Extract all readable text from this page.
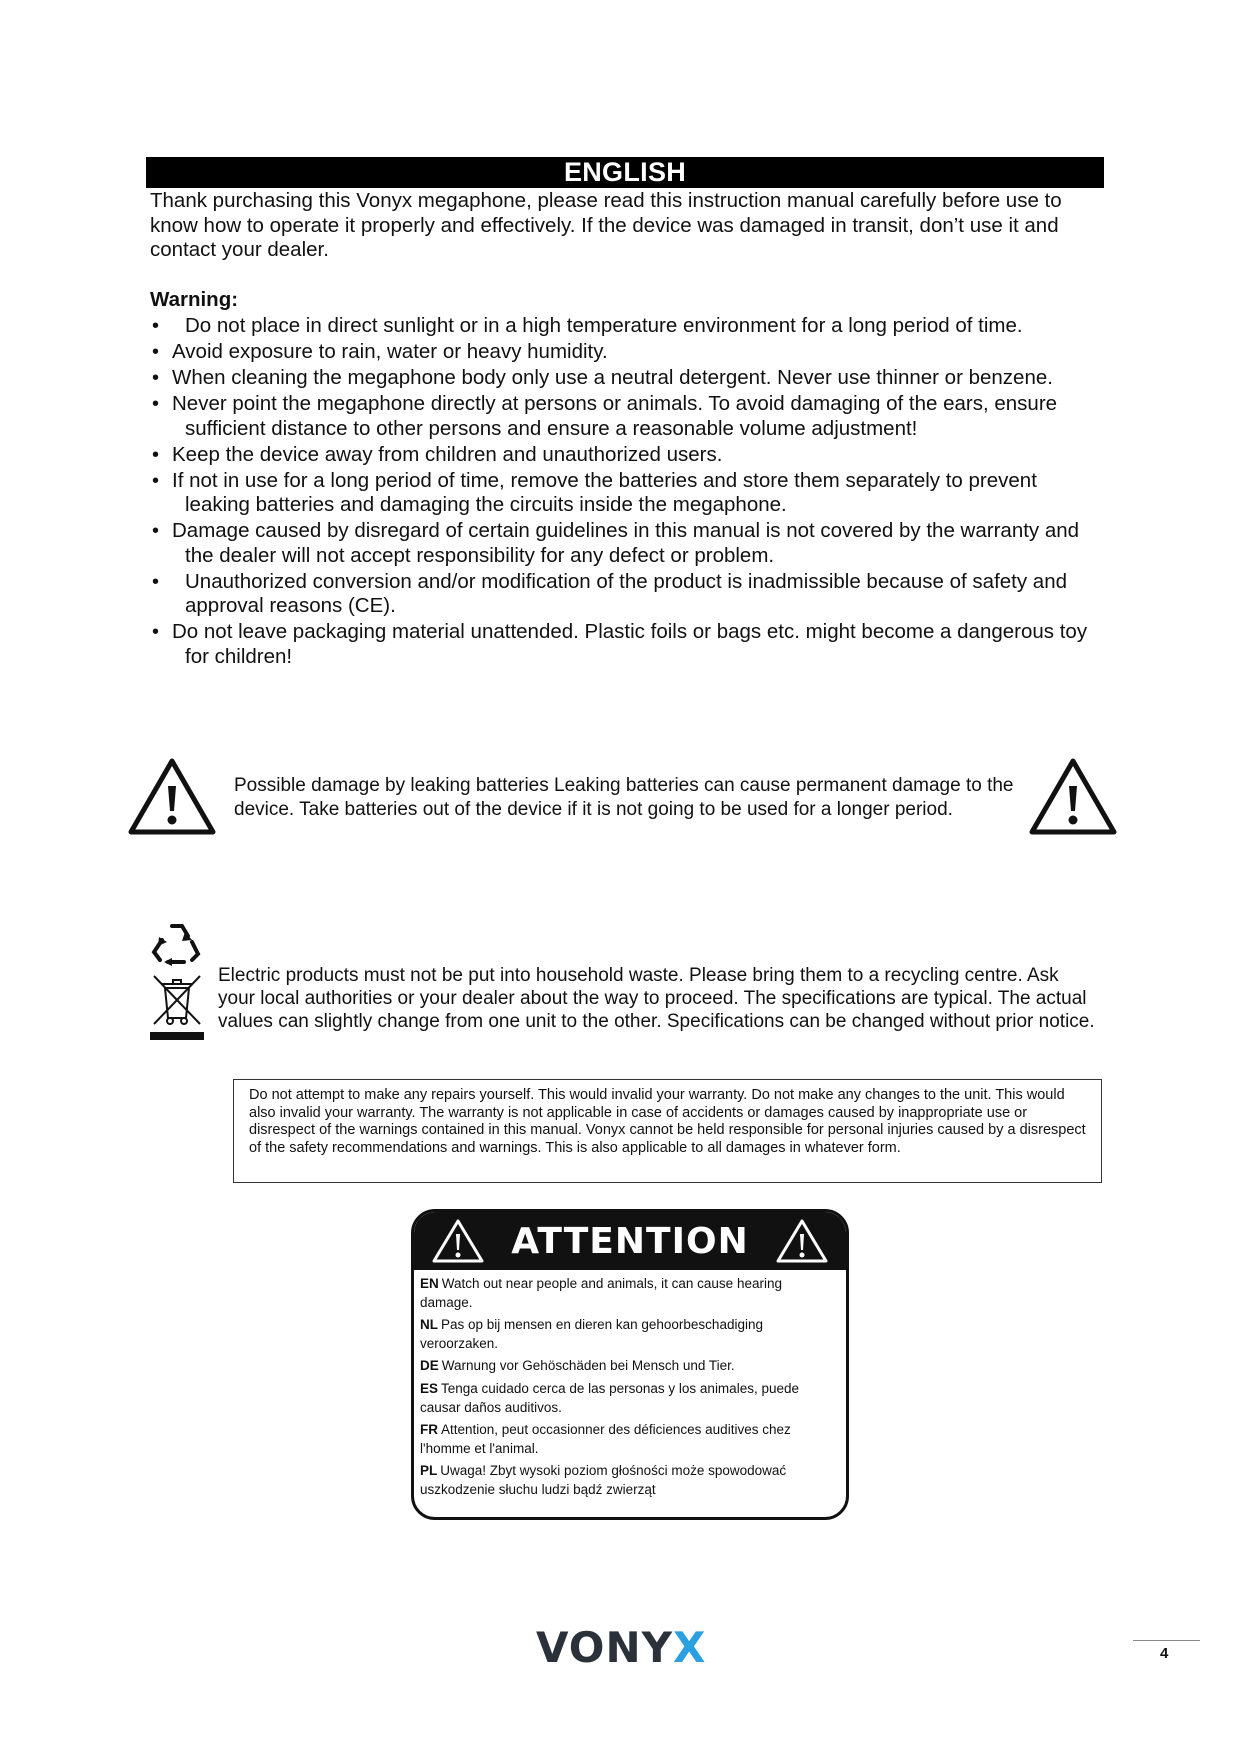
ENGLISH

Thank purchasing this Vonyx megaphone, please read this instruction manual carefully before use to know how to operate it properly and effectively. If the device was damaged in transit, don’t use it and contact your dealer.

Warning:

• Do not place in direct sunlight or in a high temperature environment for a long period of time.
• Avoid exposure to rain, water or heavy humidity.
• When cleaning the megaphone body only use a neutral detergent. Never use thinner or benzene.
• Never point the megaphone directly at persons or animals. To avoid damaging of the ears, ensure sufficient distance to other persons and ensure a reasonable volume adjustment!
• Keep the device away from children and unauthorized users.
• If not in use for a long period of time, remove the batteries and store them separately to prevent leaking batteries and damaging the circuits inside the megaphone.
• Damage caused by disregard of certain guidelines in this manual is not covered by the warranty and the dealer will not accept responsibility for any defect or problem.
• Unauthorized conversion and/or modification of the product is inadmissible because of safety and approval reasons (CE).
• Do not leave packaging material unattended. Plastic foils or bags etc. might become a dangerous toy for children!

Possible damage by leaking batteries Leaking batteries can cause permanent damage to the device. Take batteries out of the device if it is not going to be used for a longer period.

Electric products must not be put into household waste. Please bring them to a recycling centre. Ask your local authorities or your dealer about the way to proceed. The specifications are typical. The actual values can slightly change from one unit to the other. Specifications can be changed without prior notice.

Do not attempt to make any repairs yourself. This would invalid your warranty. Do not make any changes to the unit. This would also invalid your warranty. The warranty is not applicable in case of accidents or damages caused by inappropriate use or disrespect of the warnings contained in this manual. Vonyx cannot be held responsible for personal injuries caused by a disrespect of the safety recommendations and warnings. This is also applicable to all damages in whatever form.
ATTENTION
EN Watch out near people and animals, it can cause hearing damage.
NL Pas op bij mensen en dieren kan gehoorbeschadiging veroorzaken.
DE Warnung vor Gehöschäden bei Mensch und Tier.
ES Tenga cuidado cerca de las personas y los animales, puede causar daños auditivos.
FR Attention, peut occasionner des déficiences auditives chez l'homme et l'animal.
PL Uwaga! Zbyt wysoki poziom głośności może spowodować uszkodzenie słuchu ludzi bądź zwierząt
VONYX	4
